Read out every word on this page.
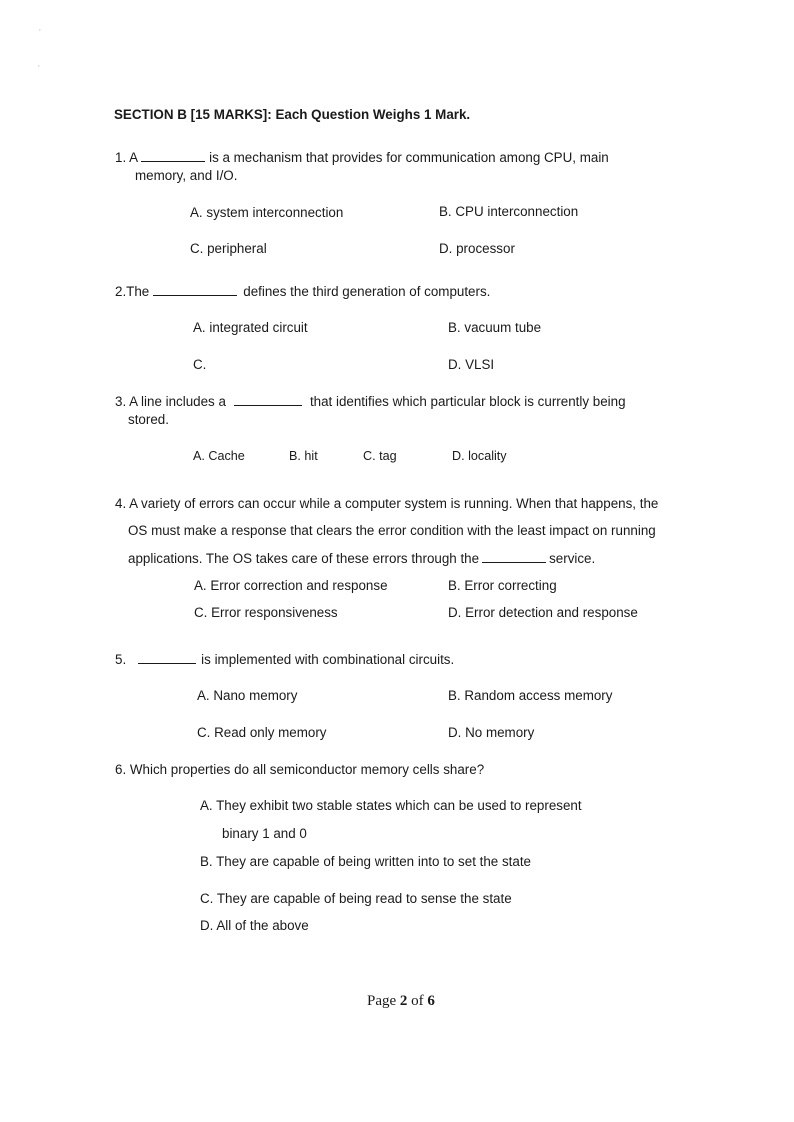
·
ʾ
SECTION B [15 MARKS]: Each Question Weighs 1 Mark.
1. A	is a mechanism that provides for communication among CPU, main
memory, and I/O.
A. system interconnection	B. CPU interconnection
C. peripheral	D. processor
2.The	defines the third generation of computers.
A. integrated circuit	B. vacuum tube
C.	D. VLSI
3. A line includes a	that identifies which particular block is currently being
stored.
A. Cache	B. hit	C. tag	D. locality
4. A variety of errors can occur while a computer system is running. When that happens, the
OS must make a response that clears the error condition with the least impact on running
applications. The OS takes care of these errors through the	service.
A. Error correction and response	B. Error correcting
C. Error responsiveness	D. Error detection and response
5.	is implemented with combinational circuits.
A. Nano memory	B. Random access memory
C. Read only memory	D. No memory
6. Which properties do all semiconductor memory cells share?
A. They exhibit two stable states which can be used to represent
binary 1 and 0
B. They are capable of being written into to set the state
C. They are capable of being read to sense the state
D. All of the above
Page 2 of 6
